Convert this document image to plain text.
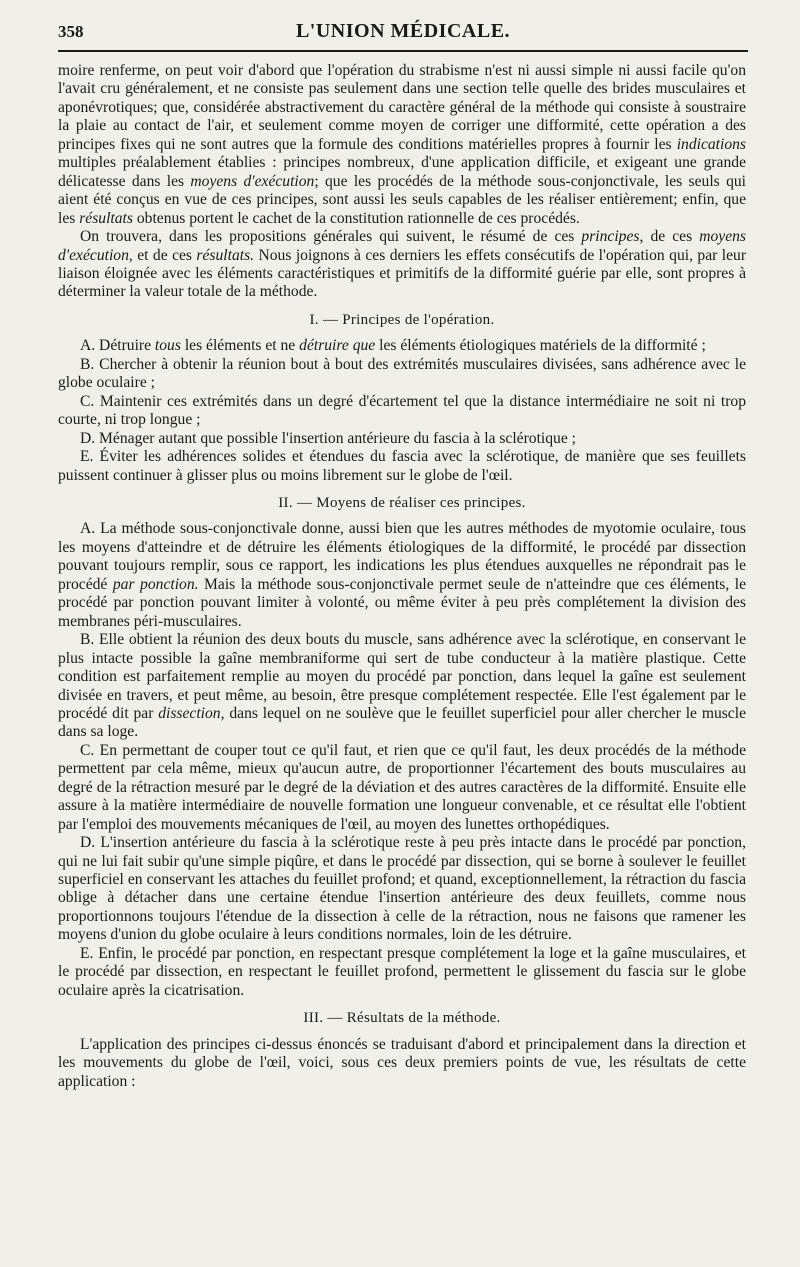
358	L'UNION MÉDICALE.

moire renferme, on peut voir d'abord que l'opération du strabisme n'est ni aussi simple ni aussi facile qu'on l'avait cru généralement, et ne consiste pas seulement dans une section telle quelle des brides musculaires et aponévrotiques; que, considérée abstractivement du caractère général de la méthode qui consiste à soustraire la plaie au contact de l'air, et seulement comme moyen de corriger une difformité, cette opération a des principes fixes qui ne sont autres que la formule des conditions matérielles propres à fournir les indications multiples préalablement établies : principes nombreux, d'une application difficile, et exigeant une grande délicatesse dans les moyens d'exécution; que les procédés de la méthode sous-conjonctivale, les seuls qui aient été conçus en vue de ces principes, sont aussi les seuls capables de les réaliser entièrement; enfin, que les résultats obtenus portent le cachet de la constitution rationnelle de ces procédés.

On trouvera, dans les propositions générales qui suivent, le résumé de ces principes, de ces moyens d'exécution, et de ces résultats. Nous joignons à ces derniers les effets consécutifs de l'opération qui, par leur liaison éloignée avec les éléments caractéristiques et primitifs de la difformité guérie par elle, sont propres à déterminer la valeur totale de la méthode.

I. — Principes de l'opération.

A. Détruire tous les éléments et ne détruire que les éléments étiologiques matériels de la difformité ;

B. Chercher à obtenir la réunion bout à bout des extrémités musculaires divisées, sans adhérence avec le globe oculaire ;

C. Maintenir ces extrémités dans un degré d'écartement tel que la distance intermédiaire ne soit ni trop courte, ni trop longue ;

D. Ménager autant que possible l'insertion antérieure du fascia à la sclérotique ;

E. Éviter les adhérences solides et étendues du fascia avec la sclérotique, de manière que ses feuillets puissent continuer à glisser plus ou moins librement sur le globe de l'œil.

II. — Moyens de réaliser ces principes.

A. La méthode sous-conjonctivale donne, aussi bien que les autres méthodes de myotomie oculaire, tous les moyens d'atteindre et de détruire les éléments étiologiques de la difformité, le procédé par dissection pouvant toujours remplir, sous ce rapport, les indications les plus étendues auxquelles ne répondrait pas le procédé par ponction. Mais la méthode sous-conjonctivale permet seule de n'atteindre que ces éléments, le procédé par ponction pouvant limiter à volonté, ou même éviter à peu près complétement la division des membranes péri-musculaires.

B. Elle obtient la réunion des deux bouts du muscle, sans adhérence avec la sclérotique, en conservant le plus intacte possible la gaîne membraniforme qui sert de tube conducteur à la matière plastique. Cette condition est parfaitement remplie au moyen du procédé par ponction, dans lequel la gaîne est seulement divisée en travers, et peut même, au besoin, être presque complétement respectée. Elle l'est également par le procédé dit par dissection, dans lequel on ne soulève que le feuillet superficiel pour aller chercher le muscle dans sa loge.

C. En permettant de couper tout ce qu'il faut, et rien que ce qu'il faut, les deux procédés de la méthode permettent par cela même, mieux qu'aucun autre, de proportionner l'écartement des bouts musculaires au degré de la rétraction mesuré par le degré de la déviation et des autres caractères de la difformité. Ensuite elle assure à la matière intermédiaire de nouvelle formation une longueur convenable, et ce résultat elle l'obtient par l'emploi des mouvements mécaniques de l'œil, au moyen des lunettes orthopédiques.

D. L'insertion antérieure du fascia à la sclérotique reste à peu près intacte dans le procédé par ponction, qui ne lui fait subir qu'une simple piqûre, et dans le procédé par dissection, qui se borne à soulever le feuillet superficiel en conservant les attaches du feuillet profond; et quand, exceptionnellement, la rétraction du fascia oblige à détacher dans une certaine étendue l'insertion antérieure des deux feuillets, comme nous proportionnons toujours l'étendue de la dissection à celle de la rétraction, nous ne faisons que ramener les moyens d'union du globe oculaire à leurs conditions normales, loin de les détruire.

E. Enfin, le procédé par ponction, en respectant presque complétement la loge et la gaîne musculaires, et le procédé par dissection, en respectant le feuillet profond, permettent le glissement du fascia sur le globe oculaire après la cicatrisation.

III. — Résultats de la méthode.

L'application des principes ci-dessus énoncés se traduisant d'abord et principalement dans la direction et les mouvements du globe de l'œil, voici, sous ces deux premiers points de vue, les résultats de cette application :
